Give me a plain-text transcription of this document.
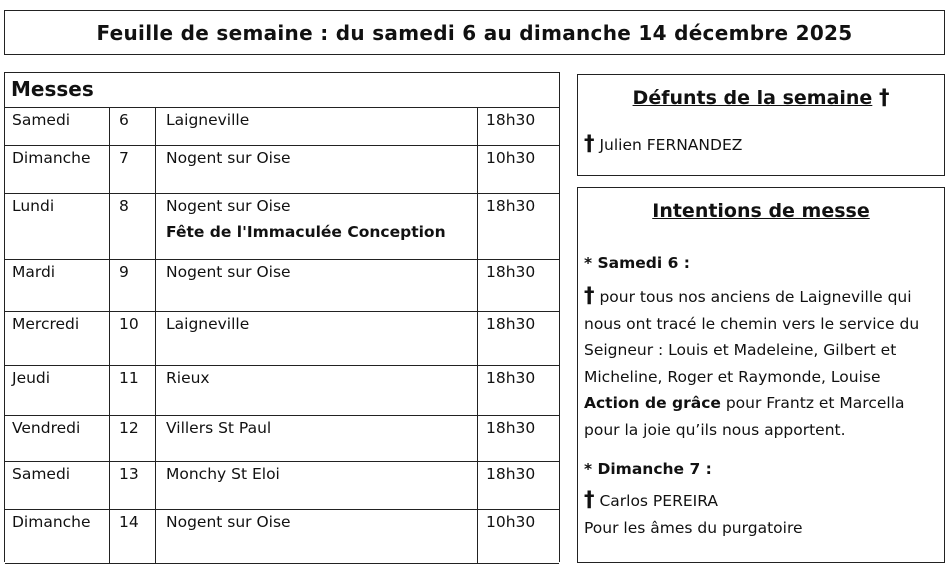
Feuille de semaine : du samedi 6 au dimanche 14 décembre 2025
Messes
Samedi	6 Laigneville	18h30
Dimanche 7 Nogent sur Oise	10h30
Lundi	8 Nogent sur Oise	18h30
Fête de l'Immaculée Conception
Mardi	9 Nogent sur Oise	18h30
Mercredi	10 Laigneville	18h30
Jeudi	11 Rieux	18h30
Vendredi 12 Villers St Paul	18h30
Samedi	13 Monchy St Eloi	18h30
Dimanche 14 Nogent sur Oise	10h30
Défunts de la semaine †
† Julien FERNANDEZ
Intentions de messe
* Samedi 6 :
† pour tous nos anciens de Laigneville qui nous ont tracé le chemin vers le service du Seigneur : Louis et Madeleine, Gilbert et Micheline, Roger et Raymonde, Louise
Action de grâce pour Frantz et Marcella pour la joie qu’ils nous apportent.
* Dimanche 7 :
† Carlos PEREIRA
Pour les âmes du purgatoire
